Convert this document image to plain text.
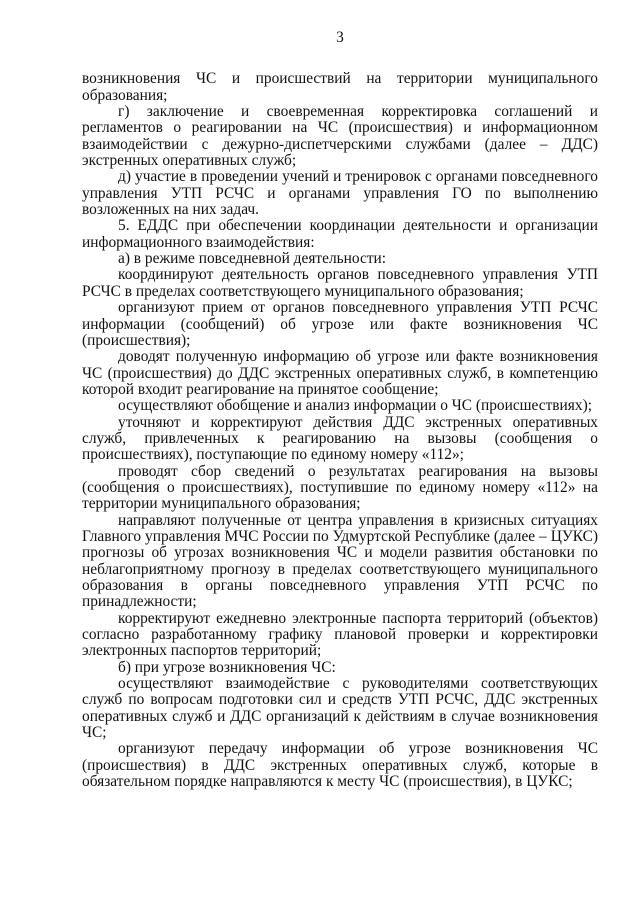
3

возникновения ЧС и происшествий на территории муниципального образования;

г) заключение и своевременная корректировка соглашений и регламентов о реагировании на ЧС (происшествия) и информационном взаимодействии с дежурно-диспетчерскими службами (далее – ДДС) экстренных оперативных служб;

д) участие в проведении учений и тренировок с органами повседневного управления УТП РСЧС и органами управления ГО по выполнению возложенных на них задач.

5. ЕДДС при обеспечении координации деятельности и организации информационного взаимодействия:

а) в режиме повседневной деятельности:

координируют деятельность органов повседневного управления УТП РСЧС в пределах соответствующего муниципального образования;

организуют прием от органов повседневного управления УТП РСЧС информации (сообщений) об угрозе или факте возникновения ЧС (происшествия);

доводят полученную информацию об угрозе или факте возникновения ЧС (происшествия) до ДДС экстренных оперативных служб, в компетенцию которой входит реагирование на принятое сообщение;

осуществляют обобщение и анализ информации о ЧС (происшествиях);

уточняют и корректируют действия ДДС экстренных оперативных служб, привлеченных к реагированию на вызовы (сообщения о происшествиях), поступающие по единому номеру «112»;

проводят сбор сведений о результатах реагирования на вызовы (сообщения о происшествиях), поступившие по единому номеру «112» на территории муниципального образования;

направляют полученные от центра управления в кризисных ситуациях Главного управления МЧС России по Удмуртской Республике (далее – ЦУКС) прогнозы об угрозах возникновения ЧС и модели развития обстановки по неблагоприятному прогнозу в пределах соответствующего муниципального образования в органы повседневного управления УТП РСЧС по принадлежности;

корректируют ежедневно электронные паспорта территорий (объектов) согласно разработанному графику плановой проверки и корректировки электронных паспортов территорий;

б) при угрозе возникновения ЧС:

осуществляют взаимодействие с руководителями соответствующих служб по вопросам подготовки сил и средств УТП РСЧС, ДДС экстренных оперативных служб и ДДС организаций к действиям в случае возникновения ЧС;

организуют передачу информации об угрозе возникновения ЧС (происшествия) в ДДС экстренных оперативных служб, которые в обязательном порядке направляются к месту ЧС (происшествия), в ЦУКС;
